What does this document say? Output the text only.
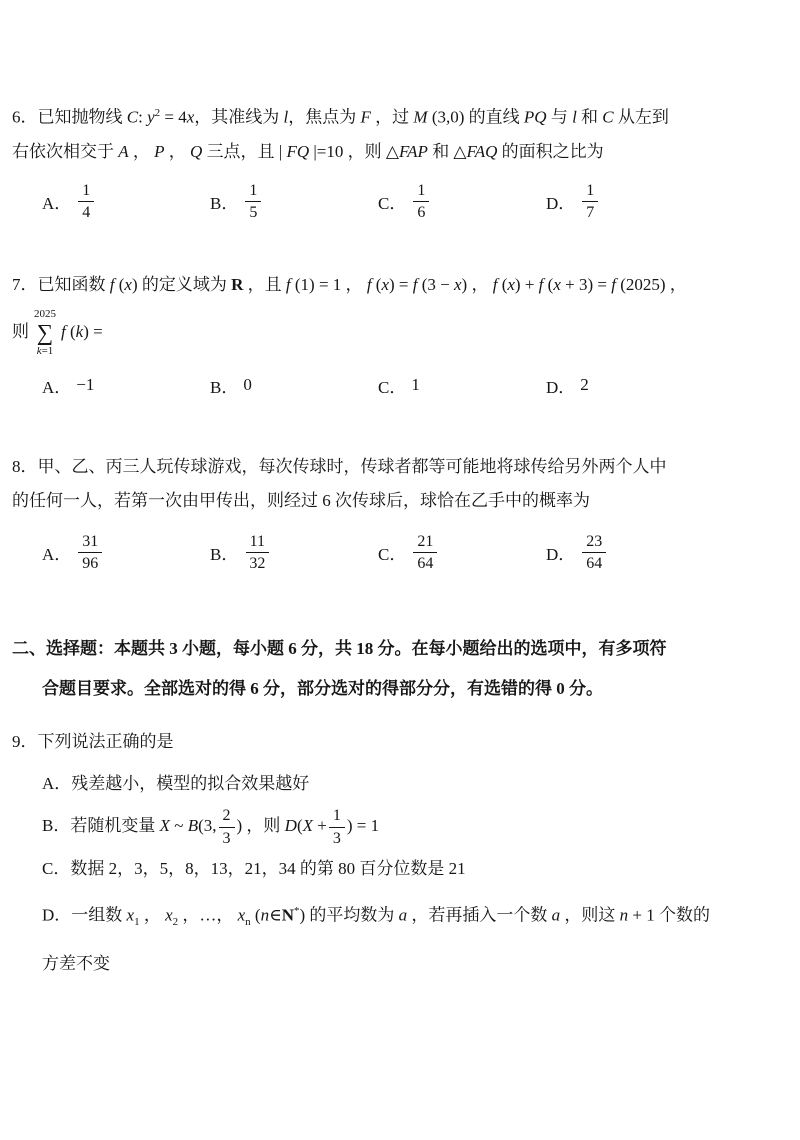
6．已知抛物线 C: $y^2 = 4x$，其准线为 l，焦点为 F ，过 M (3,0) 的直线 PQ 与 l 和 C 从左到

右依次相交于 A ， P ， Q 三点，且 | FQ |=10 ，则 △FAP 和 △FAQ 的面积之比为

A． $\frac{1}{4}$	B． $\frac{1}{5}$	C． $\frac{1}{6}$	D． $\frac{1}{7}$

7．已知函数 f (x) 的定义域为 R ，且 f (1) = 1 ， f (x) = f (3 − x) ， f (x) + f (x + 3) = f (2025) ，

则
2025
∑
k=1
f (k) =

A． −1	B． 0	C． 1	D． 2

8．甲、乙、丙三人玩传球游戏，每次传球时，传球者都等可能地将球传给另外两个人中

的任何一人，若第一次由甲传出，则经过 6 次传球后，球恰在乙手中的概率为

A． $\frac{31}{96}$	B． $\frac{11}{32}$	C． $\frac{21}{64}$	D． $\frac{23}{64}$

二、选择题：本题共 3 小题，每小题 6 分，共 18 分。在每小题给出的选项中，有多项符

合题目要求。全部选对的得 6 分，部分选对的得部分分，有选错的得 0 分。

9．下列说法正确的是

A．残差越小，模型的拟合效果越好

B．若随机变量 X ~ B(3, $\frac{2}{3}$ ) ，则 $D(X + \frac{1}{3}$ ) = 1

C．数据 2，3，5，8，13，21，34 的第 80 百分位数是 21

D．一组数 $x_1$ ， $x_2$ ，…， $x_n$ (n∈N*) 的平均数为 a ，若再插入一个数 a ，则这 n + 1 个数的

方差不变
